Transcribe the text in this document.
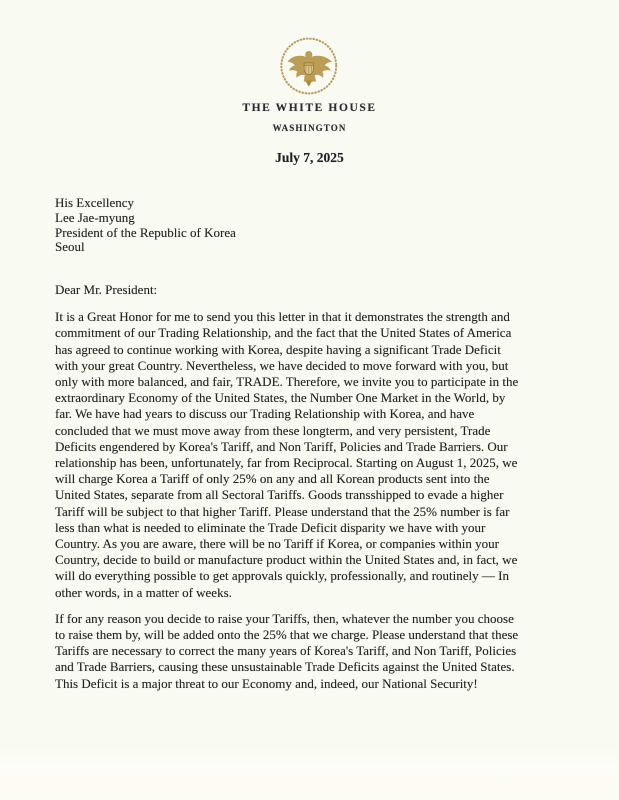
THE WHITE HOUSE
WASHINGTON
July 7, 2025
His Excellency
Lee Jae-myung
President of the Republic of Korea
Seoul
Dear Mr. President:
It is a Great Honor for me to send you this letter in that it demonstrates the strength and
commitment of our Trading Relationship, and the fact that the United States of America
has agreed to continue working with Korea, despite having a significant Trade Deficit
with your great Country. Nevertheless, we have decided to move forward with you, but
only with more balanced, and fair, TRADE. Therefore, we invite you to participate in the
extraordinary Economy of the United States, the Number One Market in the World, by
far. We have had years to discuss our Trading Relationship with Korea, and have
concluded that we must move away from these longterm, and very persistent, Trade
Deficits engendered by Korea's Tariff, and Non Tariff, Policies and Trade Barriers. Our
relationship has been, unfortunately, far from Reciprocal. Starting on August 1, 2025, we
will charge Korea a Tariff of only 25% on any and all Korean products sent into the
United States, separate from all Sectoral Tariffs. Goods transshipped to evade a higher
Tariff will be subject to that higher Tariff. Please understand that the 25% number is far
less than what is needed to eliminate the Trade Deficit disparity we have with your
Country. As you are aware, there will be no Tariff if Korea, or companies within your
Country, decide to build or manufacture product within the United States and, in fact, we
will do everything possible to get approvals quickly, professionally, and routinely — In
other words, in a matter of weeks.
If for any reason you decide to raise your Tariffs, then, whatever the number you choose
to raise them by, will be added onto the 25% that we charge. Please understand that these
Tariffs are necessary to correct the many years of Korea's Tariff, and Non Tariff, Policies
and Trade Barriers, causing these unsustainable Trade Deficits against the United States.
This Deficit is a major threat to our Economy and, indeed, our National Security!
